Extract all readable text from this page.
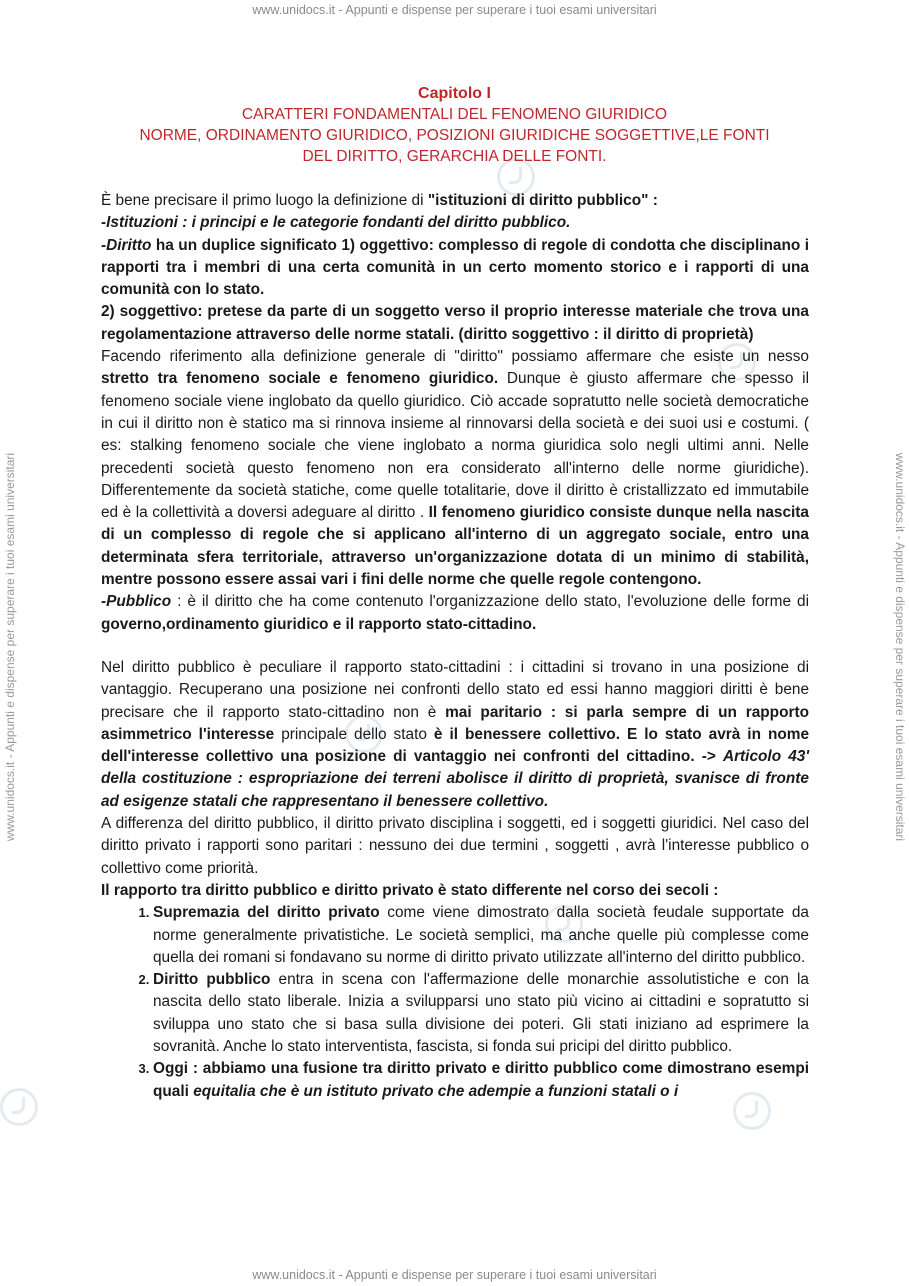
www.unidocs.it - Appunti e dispense per superare i tuoi esami universitari
www.unidocs.it - Appunti e dispense per superare i tuoi esami universitari
www.unidocs.it - Appunti e dispense per superare i tuoi esami universitari	www.unidocs.it - Appunti e dispense per superare i tuoi esami universitari
Capitolo I
CARATTERI FONDAMENTALI DEL FENOMENO GIURIDICO
NORME, ORDINAMENTO GIURIDICO, POSIZIONI GIURIDICHE SOGGETTIVE,LE FONTI
DEL DIRITTO, GERARCHIA DELLE FONTI.

È bene precisare il primo luogo la definizione di "istituzioni di diritto pubblico" :

-Istituzioni : i principi e le categorie fondanti del diritto pubblico.

-Diritto ha un duplice significato 1) oggettivo: complesso di regole di condotta che disciplinano i rapporti tra i membri di una certa comunità in un certo momento storico e i rapporti di una comunità con lo stato.

2) soggettivo: pretese da parte di un soggetto verso il proprio interesse materiale che trova una regolamentazione attraverso delle norme statali. (diritto soggettivo : il diritto di proprietà)

Facendo riferimento alla definizione generale di "diritto" possiamo affermare che esiste un nesso stretto tra fenomeno sociale e fenomeno giuridico. Dunque è giusto affermare che spesso il fenomeno sociale viene inglobato da quello giuridico. Ciò accade sopratutto nelle società democratiche in cui il diritto non è statico ma si rinnova insieme al rinnovarsi della società e dei suoi usi e costumi. ( es: stalking fenomeno sociale che viene inglobato a norma giuridica solo negli ultimi anni. Nelle precedenti società questo fenomeno non era considerato all'interno delle norme giuridiche). Differentemente da società statiche, come quelle totalitarie, dove il diritto è cristallizzato ed immutabile ed è la collettività a doversi adeguare al diritto . Il fenomeno giuridico consiste dunque nella nascita di un complesso di regole che si applicano all'interno di un aggregato sociale, entro una determinata sfera territoriale, attraverso un'organizzazione dotata di un minimo di stabilità, mentre possono essere assai vari i fini delle norme che quelle regole contengono.

-Pubblico : è il diritto che ha come contenuto l'organizzazione dello stato, l'evoluzione delle forme di governo,ordinamento giuridico e il rapporto stato-cittadino.

Nel diritto pubblico è peculiare il rapporto stato-cittadini : i cittadini si trovano in una posizione di vantaggio. Recuperano una posizione nei confronti dello stato ed essi hanno maggiori diritti è bene precisare che il rapporto stato-cittadino non è mai paritario : si parla sempre di un rapporto asimmetrico l'interesse principale dello stato è il benessere collettivo. E lo stato avrà in nome dell'interesse collettivo una posizione di vantaggio nei confronti del cittadino. -> Articolo 43' della costituzione : espropriazione dei terreni abolisce il diritto di proprietà, svanisce di fronte ad esigenze statali che rappresentano il benessere collettivo.

A differenza del diritto pubblico, il diritto privato disciplina i soggetti, ed i soggetti giuridici. Nel caso del diritto privato i rapporti sono paritari : nessuno dei due termini , soggetti , avrà l'interesse pubblico o collettivo come priorità.

Il rapporto tra diritto pubblico e diritto privato è stato differente nel corso dei secoli :

1. Supremazia del diritto privato come viene dimostrato dalla società feudale supportate da norme generalmente privatistiche. Le società semplici, ma anche quelle più complesse come quella dei romani si fondavano su norme di diritto privato utilizzate all'interno del diritto pubblico.
2. Diritto pubblico entra in scena con l'affermazione delle monarchie assolutistiche e con la nascita dello stato liberale. Inizia a svilupparsi uno stato più vicino ai cittadini e sopratutto si sviluppa uno stato che si basa sulla divisione dei poteri. Gli stati iniziano ad esprimere la sovranità. Anche lo stato interventista, fascista, si fonda sui pricipi del diritto pubblico.
3. Oggi : abbiamo una fusione tra diritto privato e diritto pubblico come dimostrano esempi quali equitalia che è un istituto privato che adempie a funzioni statali o i
